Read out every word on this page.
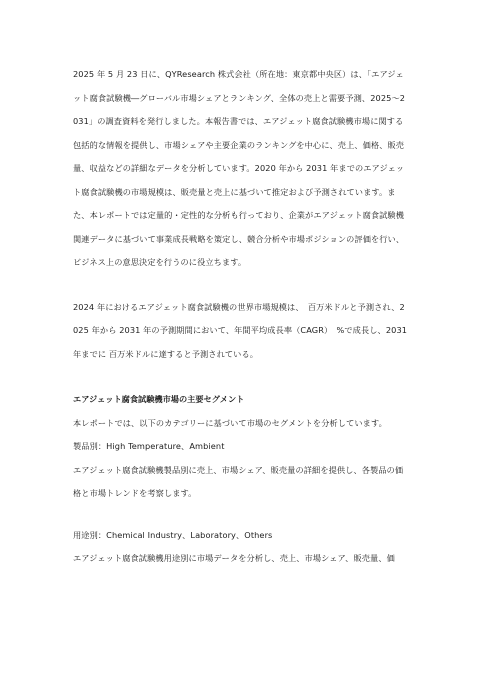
2025 年 5 月 23 日に、QYResearch 株式会社（所在地：東京都中央区）は、「エアジェット腐食試験機―グローバル市場シェアとランキング、全体の売上と需要予測、2025～2031」の調査資料を発行しました。本報告書では、エアジェット腐食試験機市場に関する包括的な情報を提供し、市場シェアや主要企業のランキングを中心に、売上、価格、販売量、収益などの詳細なデータを分析しています。2020 年から 2031 年までのエアジェット腐食試験機の市場規模は、販売量と売上に基づいて推定および予測されています。また、本レポートでは定量的・定性的な分析も行っており、企業がエアジェット腐食試験機関連データに基づいて事業成長戦略を策定し、競合分析や市場ポジションの評価を行い、ビジネス上の意思決定を行うのに役立ちます。

2024 年におけるエアジェット腐食試験機の世界市場規模は、　百万米ドルと予測され、2025 年から 2031 年の予測期間において、年間平均成長率（CAGR）　%で成長し、2031 年までに 百万米ドルに達すると予測されている。

エアジェット腐食試験機市場の主要セグメント

本レポートでは、以下のカテゴリーに基づいて市場のセグメントを分析しています。

製品別：High Temperature、Ambient

エアジェット腐食試験機製品別に売上、市場シェア、販売量の詳細を提供し、各製品の価格と市場トレンドを考察します。

用途別：Chemical Industry、Laboratory、Others

エアジェット腐食試験機用途別に市場データを分析し、売上、市場シェア、販売量、価
